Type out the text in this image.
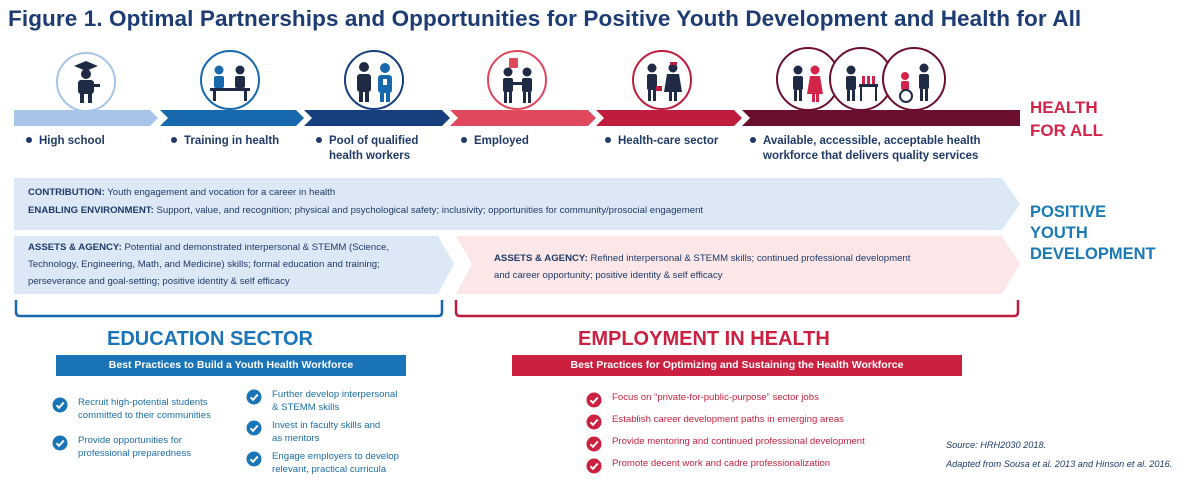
Figure 1. Optimal Partnerships and Opportunities for Positive Youth Development and Health for All
High school	Training in health	Pool of qualified
health workers
Employed	Health-care sector	Available, accessible, acceptable health
workforce that delivers quality services
HEALTH
FOR ALL
POSITIVE
YOUTH
DEVELOPMENT
CONTRIBUTION: Youth engagement and vocation for a career in health
ENABLING ENVIRONMENT: Support, value, and recognition; physical and psychological safety; inclusivity; opportunities for community/prosocial engagement
ASSETS & AGENCY: Potential and demonstrated interpersonal & STEMM (Science,
Technology, Engineering, Math, and Medicine) skills; formal education and training;
perseverance and goal-setting; positive identity & self efficacy
ASSETS & AGENCY: Refined interpersonal & STEMM skills; continued professional development
and career opportunity; positive identity & self efficacy
EDUCATION SECTOR
Best Practices to Build a Youth Health Workforce
Recruit high-potential students
committed to their communities
Provide opportunities for
professional preparedness
Further develop interpersonal
& STEMM skills
Invest in faculty skills and
as mentors
Engage employers to develop
relevant, practical curricula
EMPLOYMENT IN HEALTH
Best Practices for Optimizing and Sustaining the Health Workforce
Focus on “private-for-public-purpose” sector jobs
Establish career development paths in emerging areas
Provide mentoring and continued professional development
Promote decent work and cadre professionalization
Source: HRH2030 2018.
Adapted from Sousa et al. 2013 and Hinson et al. 2016.
